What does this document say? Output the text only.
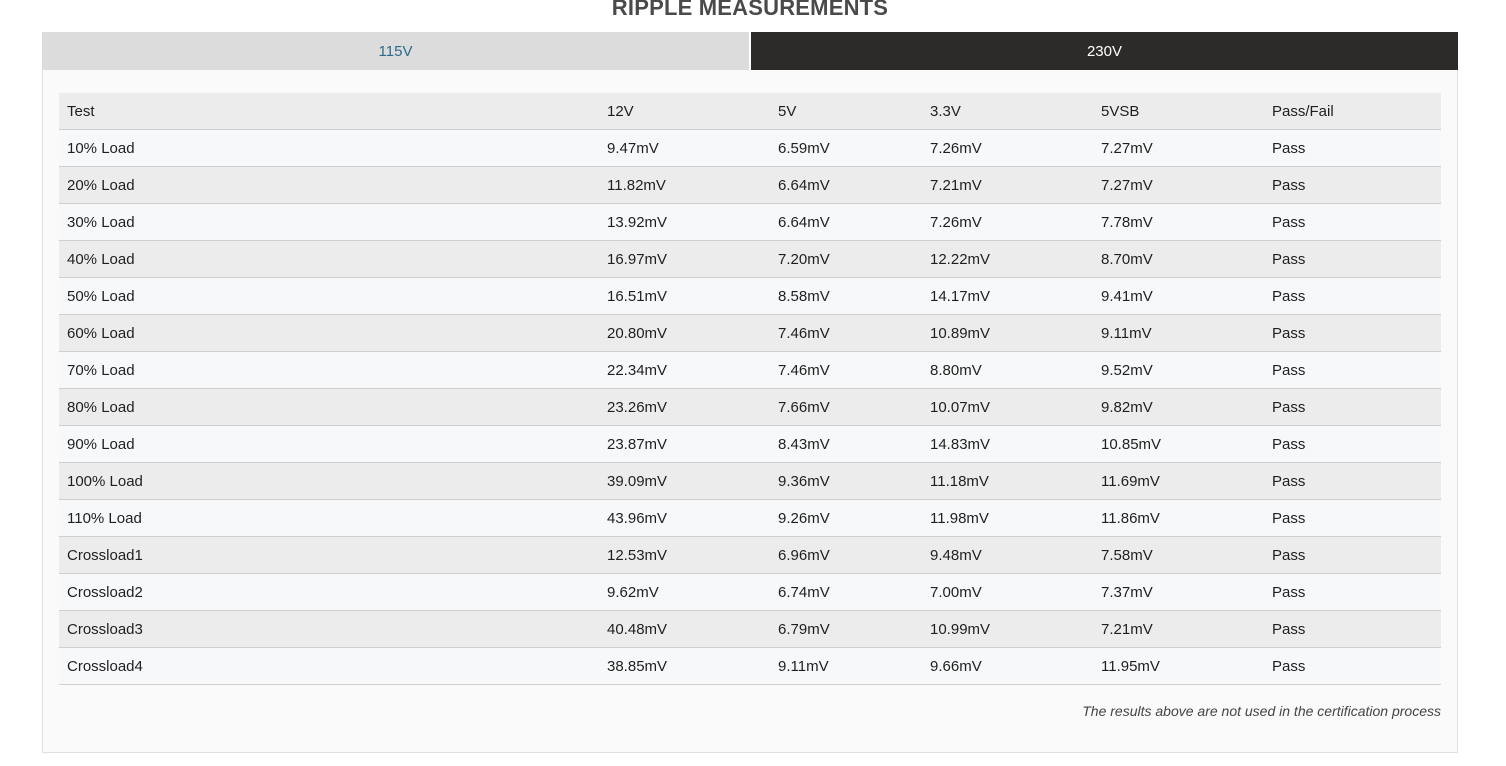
RIPPLE MEASUREMENTS
115V	230V
Test	12V	5V	3.3V	5VSB	Pass/Fail
10% Load	9.47mV	6.59mV	7.26mV	7.27mV	Pass
20% Load	11.82mV	6.64mV	7.21mV	7.27mV	Pass
30% Load	13.92mV	6.64mV	7.26mV	7.78mV	Pass
40% Load	16.97mV	7.20mV	12.22mV	8.70mV	Pass
50% Load	16.51mV	8.58mV	14.17mV	9.41mV	Pass
60% Load	20.80mV	7.46mV	10.89mV	9.11mV	Pass
70% Load	22.34mV	7.46mV	8.80mV	9.52mV	Pass
80% Load	23.26mV	7.66mV	10.07mV	9.82mV	Pass
90% Load	23.87mV	8.43mV	14.83mV	10.85mV	Pass
100% Load	39.09mV	9.36mV	11.18mV	11.69mV	Pass
110% Load	43.96mV	9.26mV	11.98mV	11.86mV	Pass
Crossload1	12.53mV	6.96mV	9.48mV	7.58mV	Pass
Crossload2	9.62mV	6.74mV	7.00mV	7.37mV	Pass
Crossload3	40.48mV	6.79mV	10.99mV	7.21mV	Pass
Crossload4	38.85mV	9.11mV	9.66mV	11.95mV	Pass
The results above are not used in the certification process
